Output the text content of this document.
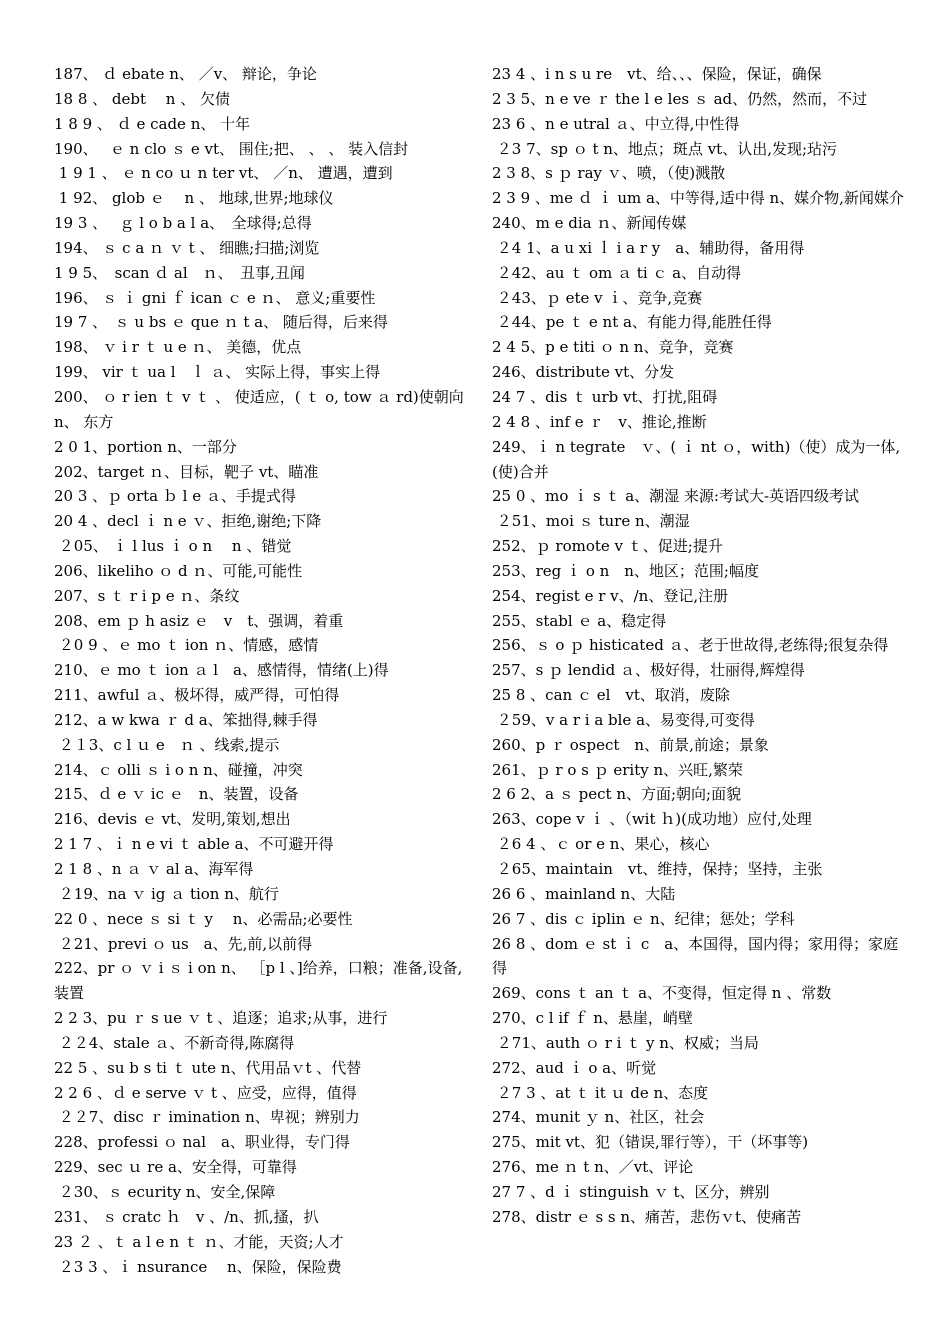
187、 ｄ ebate n、 ／v、 辩论，争论
18 8 、 debt　 n 、 欠债
1 8 9 、 ｄ e cade n、 十年
190、　 ｅ n clo ｓ e vt、 围住;把、 、 、 装入信封
1 9 1 、 ｅ n co ｕ n ter vt、 ／n、 遭遇，遭到
1 92、 glob ｅ　 n 、 地球,世界;地球仪
19 3 、　 ｇ l o b a l a、　全球得;总得
194、 ｓ c a ｎ ｖ t 、 细瞧;扫描;浏览
1 9 5、　scan ｄ al　ｎ、　丑事,丑闻
196、 ｓ ｉ gni ｆ ican ｃ e ｎ、 意义;重要性
19 7 、　ｓ u bs ｅ que ｎ t a、 随后得，后来得
198、 ｖ i r ｔ u e ｎ、 美德，优点
199、 vir ｔ ua l　ｌ ａ、 实际上得，事实上得
200、 ｏ r ien ｔ v ｔ 、 使适应，( ｔ o, tow ａ rd)使朝向 n、 东方
2 0 1、portion n、一部分
202、target ｎ、目标，靶子 vt、瞄准
20 3 、ｐ orta ｂ l e ａ、手提式得
20 4 、decl ｉ n e ｖ、拒绝,谢绝;下降
２05、 ｉ l lus ｉ o n　 n 、错觉
206、likeliho ｏ d ｎ、可能,可能性
207、s ｔ r i p e ｎ、条纹
208、em ｐ h asiz ｅ　v　t、强调，着重
２0 9 、ｅ mo ｔ ion ｎ、情感，感情
210、ｅ mo ｔ ion ａ l　a、感情得，情绪(上)得
211、awful ａ、极坏得，威严得，可怕得
212、a w kwa ｒ d a、笨拙得,棘手得
２１3、c l ｕ e　ｎ 、线索,提示
214、ｃ olli ｓ i o n n、碰撞，冲突
215、ｄ e ｖ ic ｅ　n、装置，设备
216、devis ｅ vt、发明,策划,想出
2 1 7 、ｉ n e vi ｔ able a、不可避开得
2 1 8 、n ａ ｖ al a、海军得
２19、na ｖ ig ａ tion n、航行
22 0 、nece ｓ si ｔ y　 n、必需品;必要性
２21、previ ｏ us　a、先,前,以前得
222、pr ｏ ｖ i ｓ i on n、 ［p l 、]给养，口粮；准备,设备,装置
2 2 3、pu ｒ s ue ｖ t 、追逐；追求;从事，进行
２２4、stale ａ、不新奇得,陈腐得
22 5 、su b s ti ｔ ute n、代用品ｖt 、代替
2 2 6 、ｄ e serve ｖ t 、应受，应得，值得
２２7、disc ｒ imination n、卑视；辨别力
228、professi ｏ nal　a、职业得，专门得
229、sec ｕ re a、安全得，可靠得
２30、ｓ ecurity n、安全,保障
231、 ｓ cratc ｈ　v 、/n、抓,搔，扒
23 ２ 、ｔ a l e n ｔ ｎ、才能，天资;人才
２3 3 、ｉ nsurance　 n、保险，保险费
23 4 、i n s u re　vt、给、、、保险，保证，确保
2 3 5、n e ve ｒ the l e les ｓ ad、仍然，然而，不过
23 6 、n e utral ａ、中立得,中性得
２3 7、sp ｏ t n、地点；斑点 vt、认出,发现;玷污
2 3 8、s ｐ ray ｖ、喷，（使)溅散
2 3 9 、me ｄ ｉ um a、中等得,适中得 n、媒介物,新闻媒介
240、m e dia ｎ、新闻传媒
２4 1、a u xi ｌ i a r y　a、辅助得，备用得
２42、au ｔ om ａ ti ｃ a、自动得
２43、ｐ ete v ｉ、竞争,竞赛
２44、pe ｔ e nt a、有能力得,能胜任得
2 4 5、p e titi ｏ n n、竞争，竞赛
246、distribute vt、分发
24 7 、dis ｔ urb vt、打扰,阻碍
2 4 8 、inf e ｒ　v、推论,推断
249、ｉ n tegrate　ｖ、( ｉ nt ｏ，with)（使）成为一体,(使)合并
25 0 、mo ｉ s ｔ a、潮湿 来源:考试大-英语四级考试
２51、moi ｓ ture n、潮湿
252、ｐ romote v ｔ、促进;提升
253、reg ｉ o n　n、地区；范围;幅度
254、regist e r v、/n、登记,注册
255、stabl ｅ a、稳定得
256、ｓ o ｐ histicated ａ、老于世故得,老练得;很复杂得
257、s ｐ lendid ａ、极好得，壮丽得,辉煌得
25 8 、can ｃ el　vt、取消，废除
２59、v a r i a ble a、易变得,可变得
260、p ｒ ospect　n、前景,前途；景象
261、ｐ r o s ｐ erity n、兴旺,繁荣
2 6 2、a ｓ pect n、方面;朝向;面貌
263、cope v ｉ 、（wit ｈ)(成功地）应付,处理
２6 4 、ｃ or e n、果心，核心
２65、maintain　vt、维持，保持；坚持，主张
26 6 、mainland n、大陆
26 7 、dis ｃ iplin ｅ n、纪律；惩处；学科
26 8 、dom ｅ st ｉ c　a、本国得，国内得；家用得；家庭得
269、cons ｔ an ｔ a、不变得，恒定得 n 、常数
270、c l if ｆ n、悬崖，峭壁
２71、auth ｏ r i ｔ y n、权威；当局
272、aud ｉ o a、听觉
２7 3 、at ｔ it ｕ de n、态度
274、munit ｙ n、社区，社会
275、mit vt、犯（错误,罪行等），干（坏事等)
276、me ｎ t n、／vt、评论
27 7 、d ｉ stinguish ｖ t、区分，辨别
278、distr ｅ s s n、痛苦，悲伤ｖt、使痛苦
